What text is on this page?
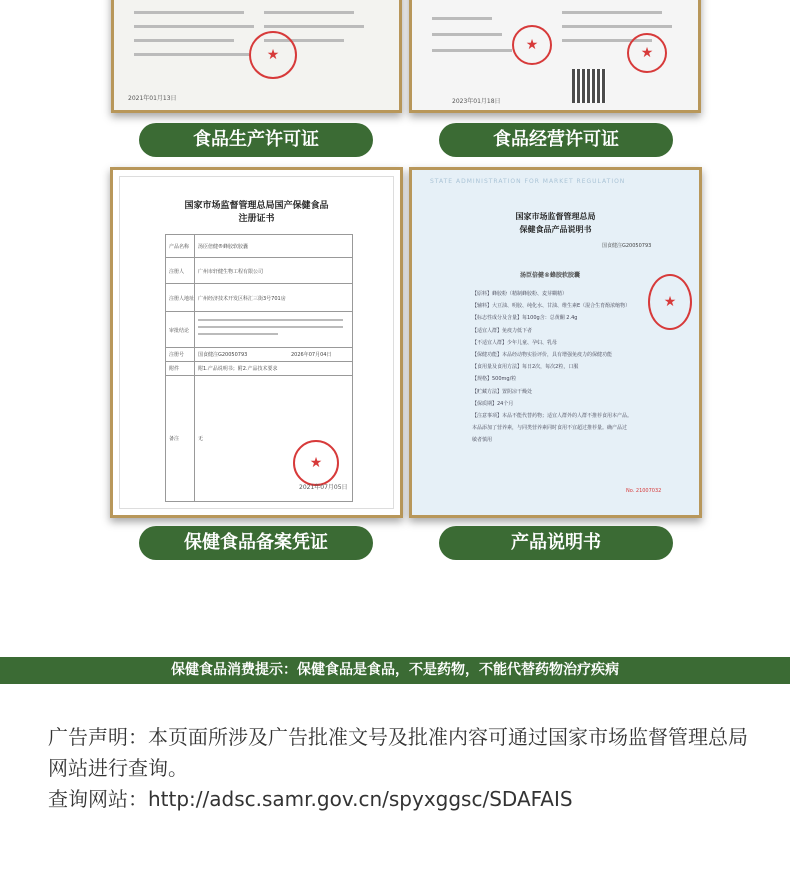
★
2021年01月13日
食品生产许可证
★	★
2023年01月18日
食品经营许可证
国家市场监督管理总局国产保健食品
注册证书
产品名称 汤臣倍健®蜂胶软胶囊
注册人	广州市轩健生物工程有限公司
注册人地址 广州经济技术开发区科汇三街3号701房
审批结论
注册号	国食健注G20050793	2026年07月04日
附件	附1.产品说明书；附2.产品技术要求
备注	无
★
2021年07月05日
保健食品备案凭证
STATE ADMINISTRATION FOR MARKET REGULATION
国家市场监督管理总局
保健食品产品说明书
国食健注G20050793
汤臣倍健®蜂胶软胶囊
【原料】蜂胶粉（精制蜂胶粉、麦芽糊精）
【辅料】大豆油、明胶、纯化水、甘油、维生素E（混合生育酚浓缩物）
【标志性成分及含量】每100g含：总黄酮 2.4g
【适宜人群】免疫力低下者
【不适宜人群】少年儿童、孕妇、乳母
【保健功能】本品经动物实验评价，具有增强免疫力的保健功能
【食用量及食用方法】每日2次，每次2粒，口服
【规格】500mg/粒
【贮藏方法】置阴凉干燥处
【保质期】24个月
【注意事项】本品不能代替药物；适宜人群外的人群不推荐食用本产品。
本品添加了营养素，与同类营养素同时食用不宜超过推荐量。确产品过
敏者慎用
★
No. 21007032
产品说明书
保健食品消费提示：保健食品是食品，不是药物，不能代替药物治疗疾病
广告声明：本页面所涉及广告批准文号及批准内容可通过国家市场监督管理总局网站进行查询。
查询网站：http://adsc.samr.gov.cn/spyxggsc/SDAFAIS
